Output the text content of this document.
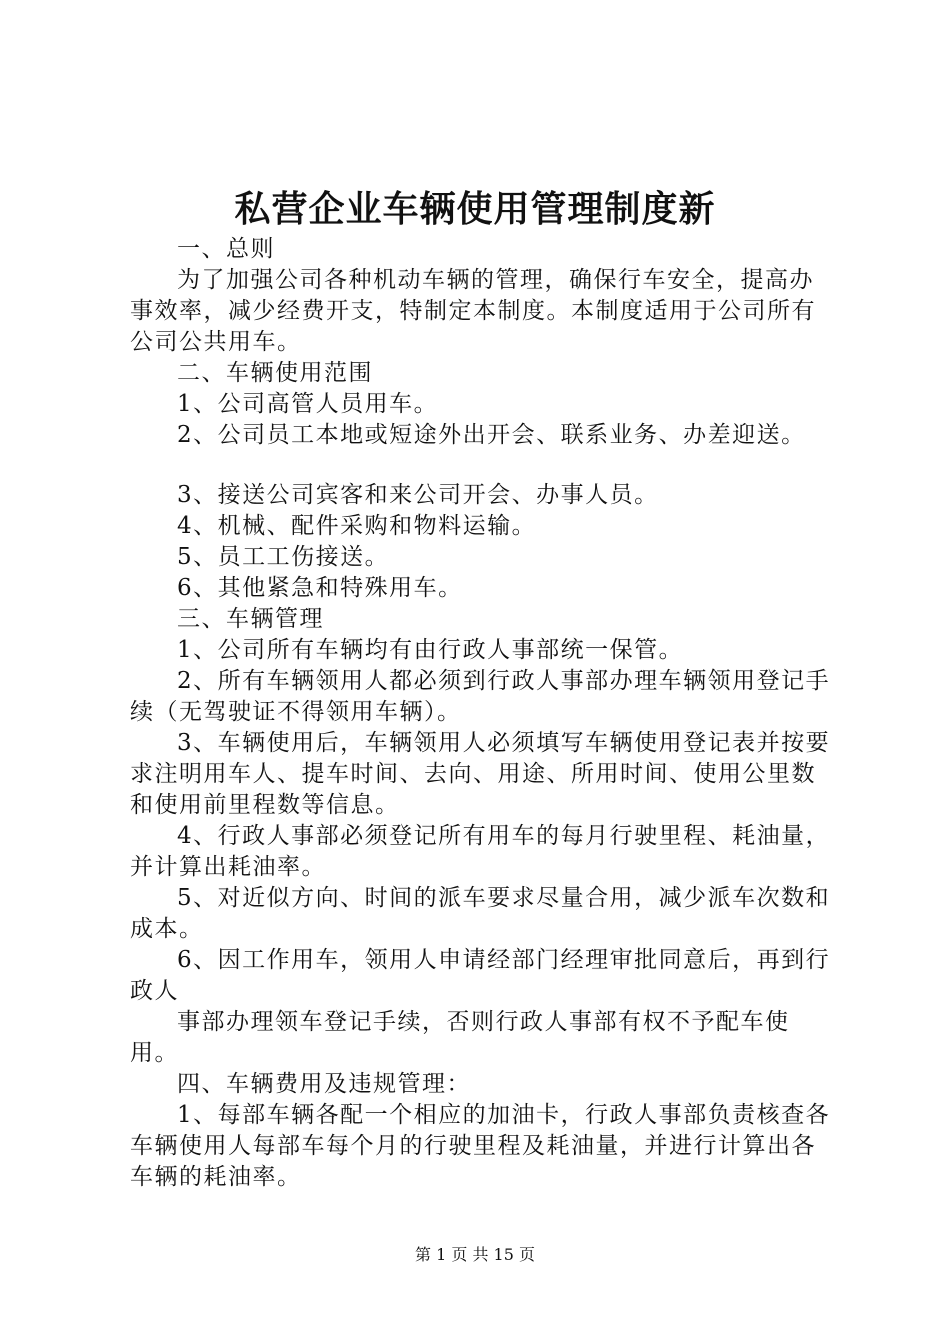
私营企业车辆使用管理制度新

一、总则

为了加强公司各种机动车辆的管理，确保行车安全，提高办事效率，减少经费开支，特制定本制度。本制度适用于公司所有公司公共用车。

二、车辆使用范围

1、公司高管人员用车。

2、公司员工本地或短途外出开会、联系业务、办差迎送。

3、接送公司宾客和来公司开会、办事人员。

4、机械、配件采购和物料运输。

5、员工工伤接送。

6、其他紧急和特殊用车。

三、车辆管理

1、公司所有车辆均有由行政人事部统一保管。

2、所有车辆领用人都必须到行政人事部办理车辆领用登记手续（无驾驶证不得领用车辆）。

3、车辆使用后，车辆领用人必须填写车辆使用登记表并按要求注明用车人、提车时间、去向、用途、所用时间、使用公里数和使用前里程数等信息。

4、行政人事部必须登记所有用车的每月行驶里程、耗油量，并计算出耗油率。

5、对近似方向、时间的派车要求尽量合用，减少派车次数和成本。

6、因工作用车，领用人申请经部门经理审批同意后，再到行政人

事部办理领车登记手续，否则行政人事部有权不予配车使用。

四、车辆费用及违规管理：

1、每部车辆各配一个相应的加油卡，行政人事部负责核查各车辆使用人每部车每个月的行驶里程及耗油量，并进行计算出各车辆的耗油率。

第 1 页 共 15 页
